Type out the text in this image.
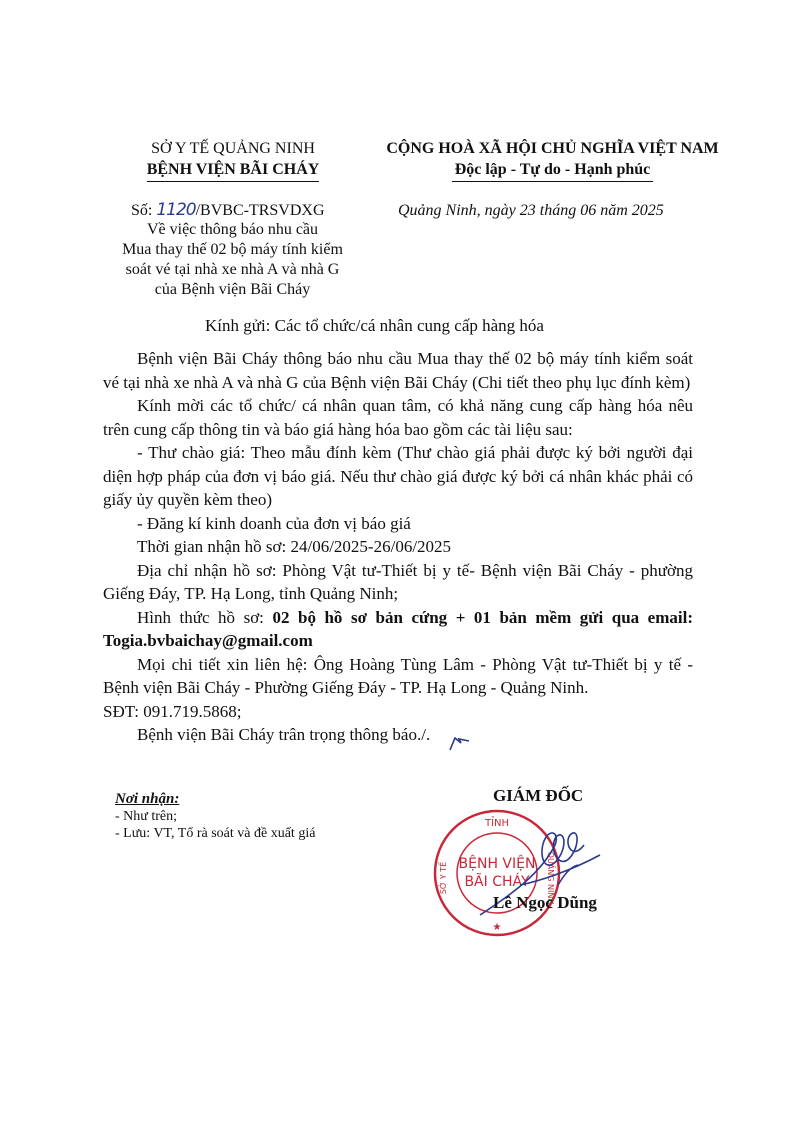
SỞ Y TẾ QUẢNG NINH
BỆNH VIỆN BÃI CHÁY
CỘNG HOÀ XÃ HỘI CHỦ NGHĨA VIỆT NAM
Độc lập - Tự do - Hạnh phúc
Số: 1120/BVBC-TRSVDXG	Quảng Ninh, ngày 23 tháng 06 năm 2025
Về việc thông báo nhu cầu
Mua thay thế 02 bộ máy tính kiểm
soát vé tại nhà xe nhà A và nhà G
của Bệnh viện Bãi Cháy
Kính gửi: Các tổ chức/cá nhân cung cấp hàng hóa

Bệnh viện Bãi Cháy thông báo nhu cầu Mua thay thế 02 bộ máy tính kiểm soát vé tại nhà xe nhà A và nhà G của Bệnh viện Bãi Cháy (Chi tiết theo phụ lục đính kèm)

Kính mời các tổ chức/ cá nhân quan tâm, có khả năng cung cấp hàng hóa nêu trên cung cấp thông tin và báo giá hàng hóa bao gồm các tài liệu sau:

- Thư chào giá: Theo mẫu đính kèm (Thư chào giá phải được ký bởi người đại diện hợp pháp của đơn vị báo giá. Nếu thư chào giá được ký bởi cá nhân khác phải có giấy ủy quyền kèm theo)

- Đăng kí kinh doanh của đơn vị báo giá

Thời gian nhận hồ sơ: 24/06/2025-26/06/2025

Địa chỉ nhận hồ sơ: Phòng Vật tư-Thiết bị y tế- Bệnh viện Bãi Cháy - phường Giếng Đáy, TP. Hạ Long, tỉnh Quảng Ninh;

Hình thức hồ sơ: 02 bộ hồ sơ bản cứng + 01 bản mềm gửi qua email: Togia.bvbaichay@gmail.com

Mọi chi tiết xin liên hệ: Ông Hoàng Tùng Lâm - Phòng Vật tư-Thiết bị y tế - Bệnh viện Bãi Cháy - Phường Giếng Đáy - TP. Hạ Long - Quảng Ninh.

SĐT: 091.719.5868;

Bệnh viện Bãi Cháy trân trọng thông báo./.

Nơi nhận:
- Như trên;
- Lưu: VT, Tổ rà soát và đề xuất giá
GIÁM ĐỐC
TỈNH
BỆNH VIỆN
BÃI CHÁY
SỞ Y TẾ	QUẢNG NINH
★
Lê Ngọc Dũng
